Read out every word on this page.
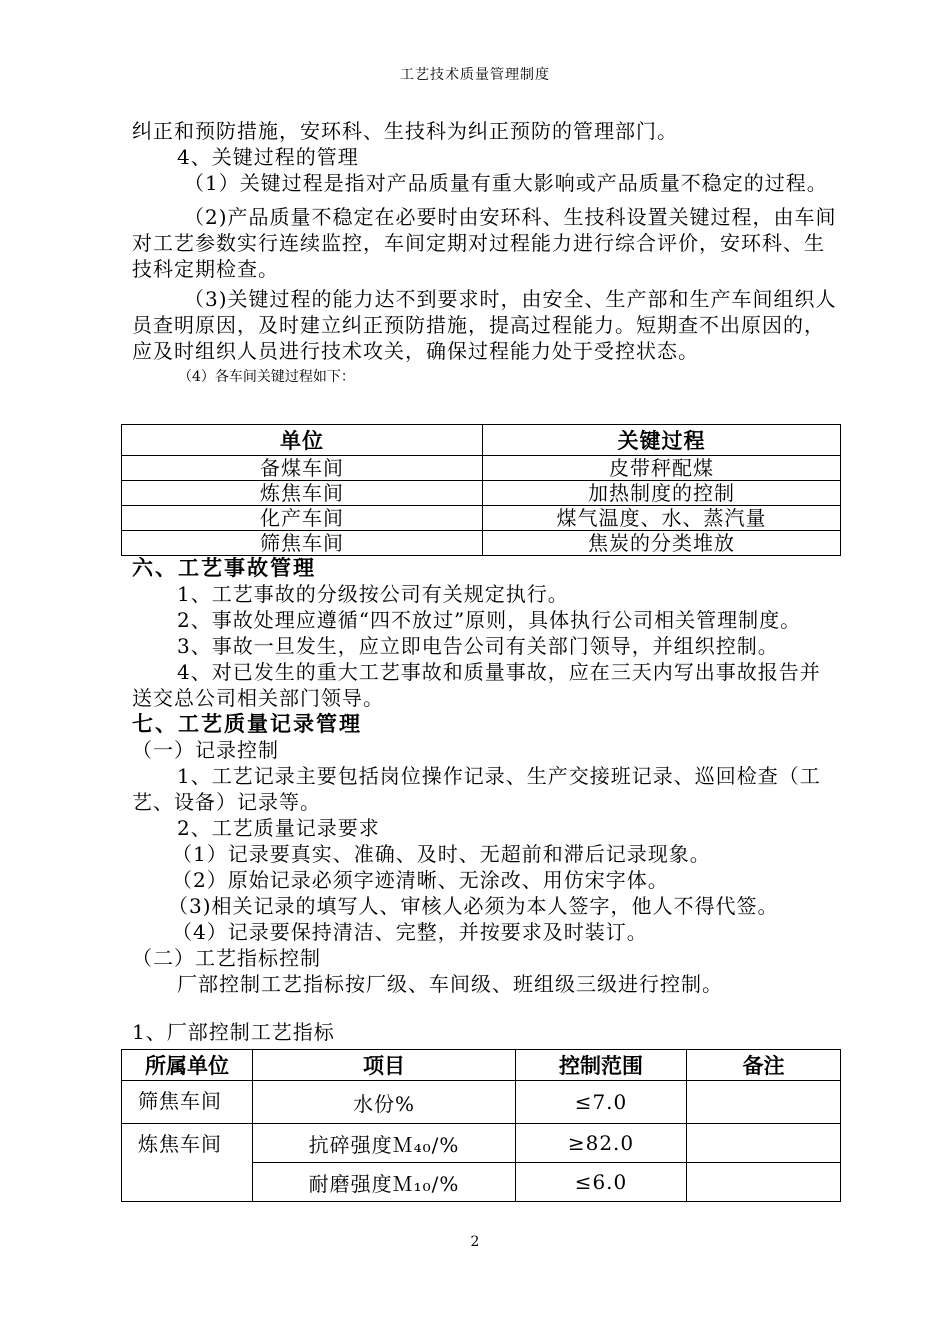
工艺技术质量管理制度

纠正和预防措施，安环科、生技科为纠正预防的管理部门。

4、关键过程的管理

（1）关键过程是指对产品质量有重大影响或产品质量不稳定的过程。

（2)产品质量不稳定在必要时由安环科、生技科设置关键过程，由车间对工艺参数实行连续监控，车间定期对过程能力进行综合评价，安环科、生技科定期检查。

（3)关键过程的能力达不到要求时，由安全、生产部和生产车间组织人员查明原因，及时建立纠正预防措施，提高过程能力。短期查不出原因的，应及时组织人员进行技术攻关，确保过程能力处于受控状态。

（4）各车间关键过程如下：

单位	关键过程
备煤车间	皮带秤配煤
炼焦车间	加热制度的控制
化产车间	煤气温度、水、蒸汽量
筛焦车间	焦炭的分类堆放

六、工艺事故管理

1、工艺事故的分级按公司有关规定执行。

2、事故处理应遵循“四不放过”原则，具体执行公司相关管理制度。

3、事故一旦发生，应立即电告公司有关部门领导，并组织控制。

4、对已发生的重大工艺事故和质量事故，应在三天内写出事故报告并送交总公司相关部门领导。

七、工艺质量记录管理

（一）记录控制

1、工艺记录主要包括岗位操作记录、生产交接班记录、巡回检查（工艺、设备）记录等。

2、工艺质量记录要求

（1）记录要真实、准确、及时、无超前和滞后记录现象。

（2）原始记录必须字迹清晰、无涂改、用仿宋字体。

（3)相关记录的填写人、审核人必须为本人签字，他人不得代签。

（4）记录要保持清洁、完整，并按要求及时装订。

（二）工艺指标控制

厂部控制工艺指标按厂级、车间级、班组级三级进行控制。

1、厂部控制工艺指标

所属单位	项目	控制范围	备注
筛焦车间	水份%	≤7.0	
炼焦车间	抗碎强度Ｍ₄₀/%	≥82.0	
	耐磨强度Ｍ₁₀/%	≤6.0	
2
